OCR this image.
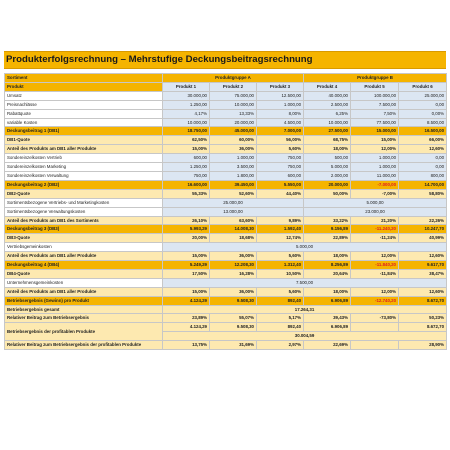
Produkterfolgsrechnung – Mehrstufige Deckungsbeitragsrechnung
Sortiment	Produktgruppe A			Produktgruppe B		
Produkt	Produkt 1	Produkt 2	Produkt 3	Produkt 4	Produkt 5	Produkt 6
Umsatz	30.000,00	75.000,00	12.500,00	40.000,00	100.000,00	25.000,00
Preisnachlässe	1.250,00	10.000,00	1.000,00	2.500,00	7.500,00	0,00
Rabattquote	4,17%	13,33%	8,00%	6,25%	7,50%	0,00%
variable Kosten	10.000,00	20.000,00	4.500,00	10.000,00	77.500,00	8.500,00
Deckungsbeitrag 1 (DB1)	18.750,00	45.000,00	7.000,00	27.500,00	15.000,00	16.500,00
DB1-Quote	62,50%	60,00%	56,00%	68,75%	15,00%	66,00%
Anteil des Produkts am DB1 aller Produkte	15,00%	36,00%	5,60%	18,00%	12,00%	12,60%
Sondereinzelkosten Vertrieb	600,00	1.000,00	750,00	500,00	1.000,00	0,00
Sondereinzelkosten Marketing	1.250,00	3.500,00	750,00	5.000,00	1.000,00	0,00
Sondereinzelkosten Verwaltung	750,00	1.800,00	600,00	2.000,00	11.000,00	800,00
Deckungsbeitrag 2 (DB2)	16.600,00	39.450,00	5.550,00	20.000,00	-7.000,00	14.700,00
DB2-Quote	55,33%	52,60%	44,40%	50,00%	-7,00%	58,80%
Sortimentsbezogene Vertriebs- und Marketingkosten	25.000,00			5.000,00		
Sortimentsbezogene Verwaltungskosten	13.000,00			23.000,00		
Anteil des Produkts am DB1 des Sortiments	26,10%	63,60%	9,89%	33,22%	21,20%	22,26%
Deckungsbeitrag 3 (DB3)	5.993,29	14.008,30	1.592,40	9.156,89	-11.240,20	10.247,70
DB3-Quote	20,00%	18,68%	12,74%	22,89%	-11,24%	40,99%
Vertriebsgemeinkosten	5.000,00					
Anteil des Produkts am DB1 aller Produkte	15,00%	36,00%	5,60%	18,00%	12,00%	12,60%
Deckungsbeitrag 4 (DB4)	5.249,29	12.208,30	1.312,40	8.256,89	-11.840,20	9.617,70
DB4-Quote	17,50%	16,28%	10,50%	20,64%	-11,84%	38,47%
Unternehmensgemeinkosten	7.500,00					
Anteil des Produkts am DB1 aller Produkte	15,00%	36,00%	5,60%	18,00%	12,00%	12,60%
Betriebsergebnis (Gewinn) pro Produkt	4.124,29	9.508,30	892,40	6.906,89	-12.740,20	8.672,70
Betriebsergebnis gesamt	17.264,31					
Relativer Beitrag zum Betriebsergebnis	23,89%	55,07%	5,17%	39,43%	-73,80%	50,23%
Betriebsergebnis der profitablen Produkte	4.124,29	9.508,30	892,40	6.906,89		8.672,70
	30.004,59					
Relativer Beitrag zum Betriebsergebnis der profitablen Produkte	13,75%	31,69%	2,97%	22,69%		28,90%
